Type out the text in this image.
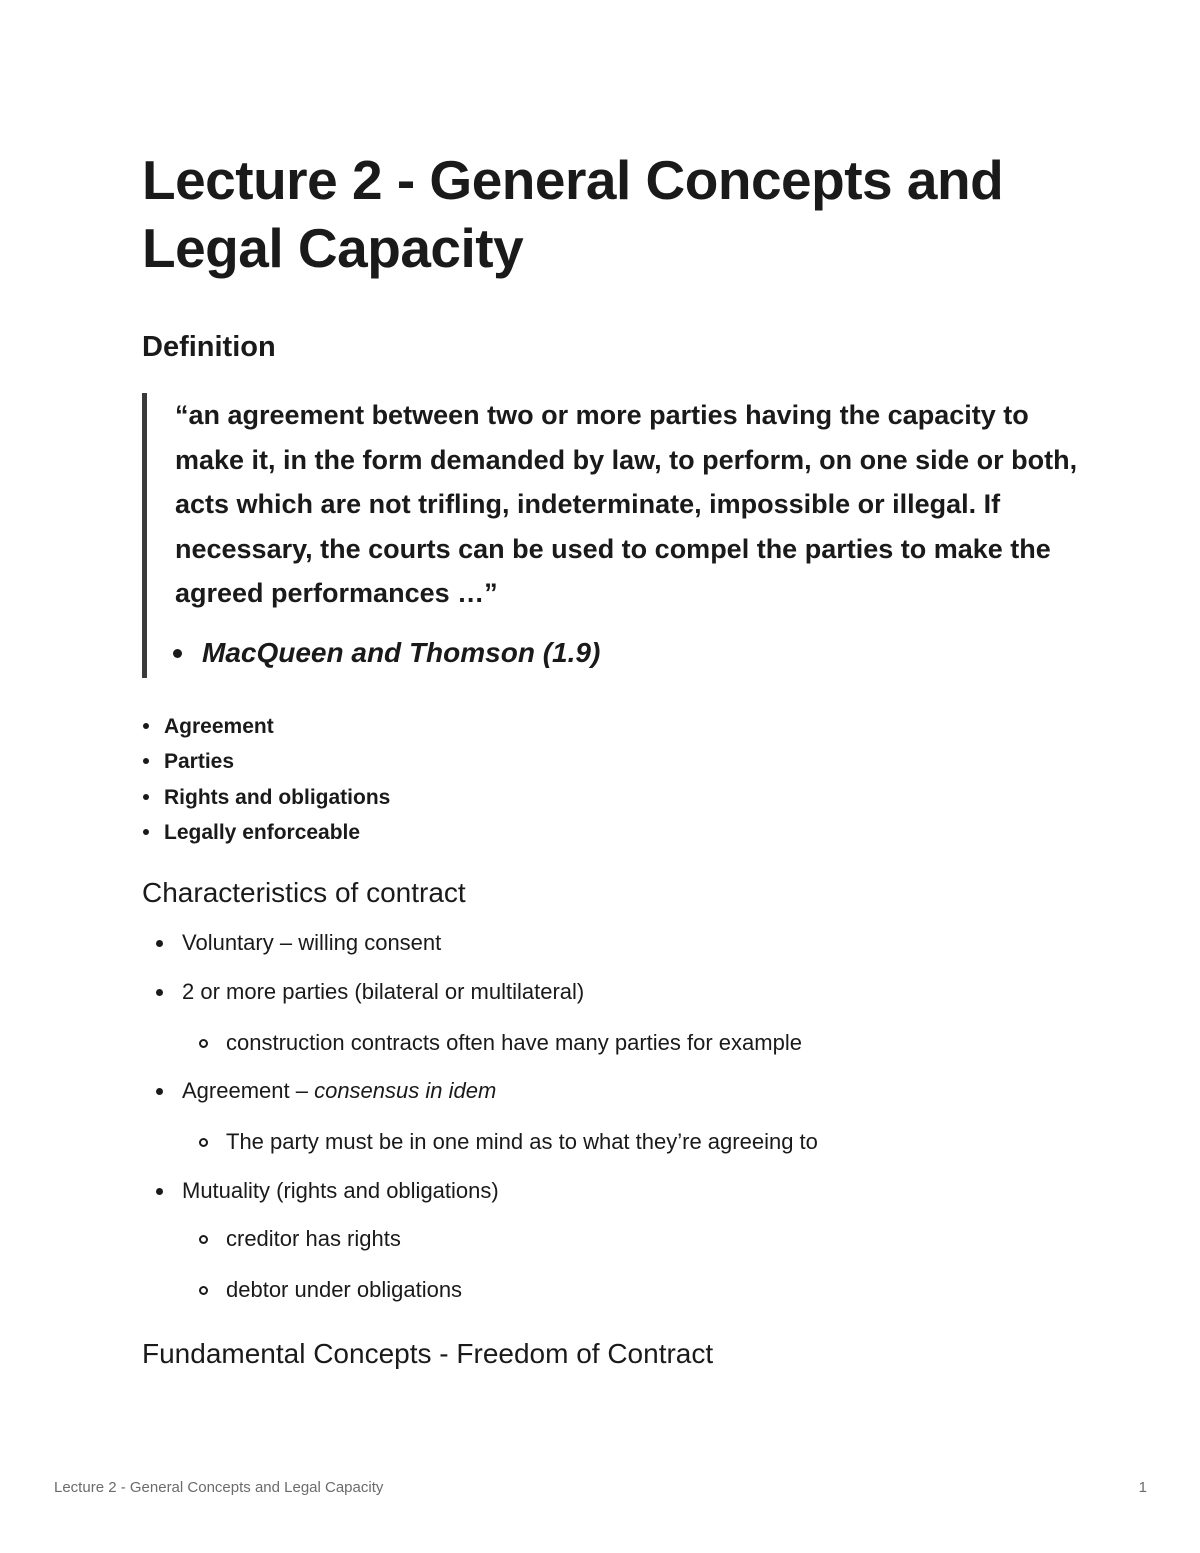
Lecture 2 - General Concepts and Legal Capacity
Definition

“an agreement between two or more parties having the capacity to make it, in the form demanded by law, to perform, on one side or both, acts which are not trifling, indeterminate, impossible or illegal. If necessary, the courts can be used to compel the parties to make the agreed performances …”

MacQueen and Thomson (1.9)
Agreement
Parties
Rights and obligations
Legally enforceable
Characteristics of contract
Voluntary – willing consent
2 or more parties (bilateral or multilateral)
construction contracts often have many parties for example
Agreement – consensus in idem
The party must be in one mind as to what they’re agreeing to
Mutuality (rights and obligations)
creditor has rights
debtor under obligations
Fundamental Concepts - Freedom of Contract
Lecture 2 - General Concepts and Legal Capacity	1
